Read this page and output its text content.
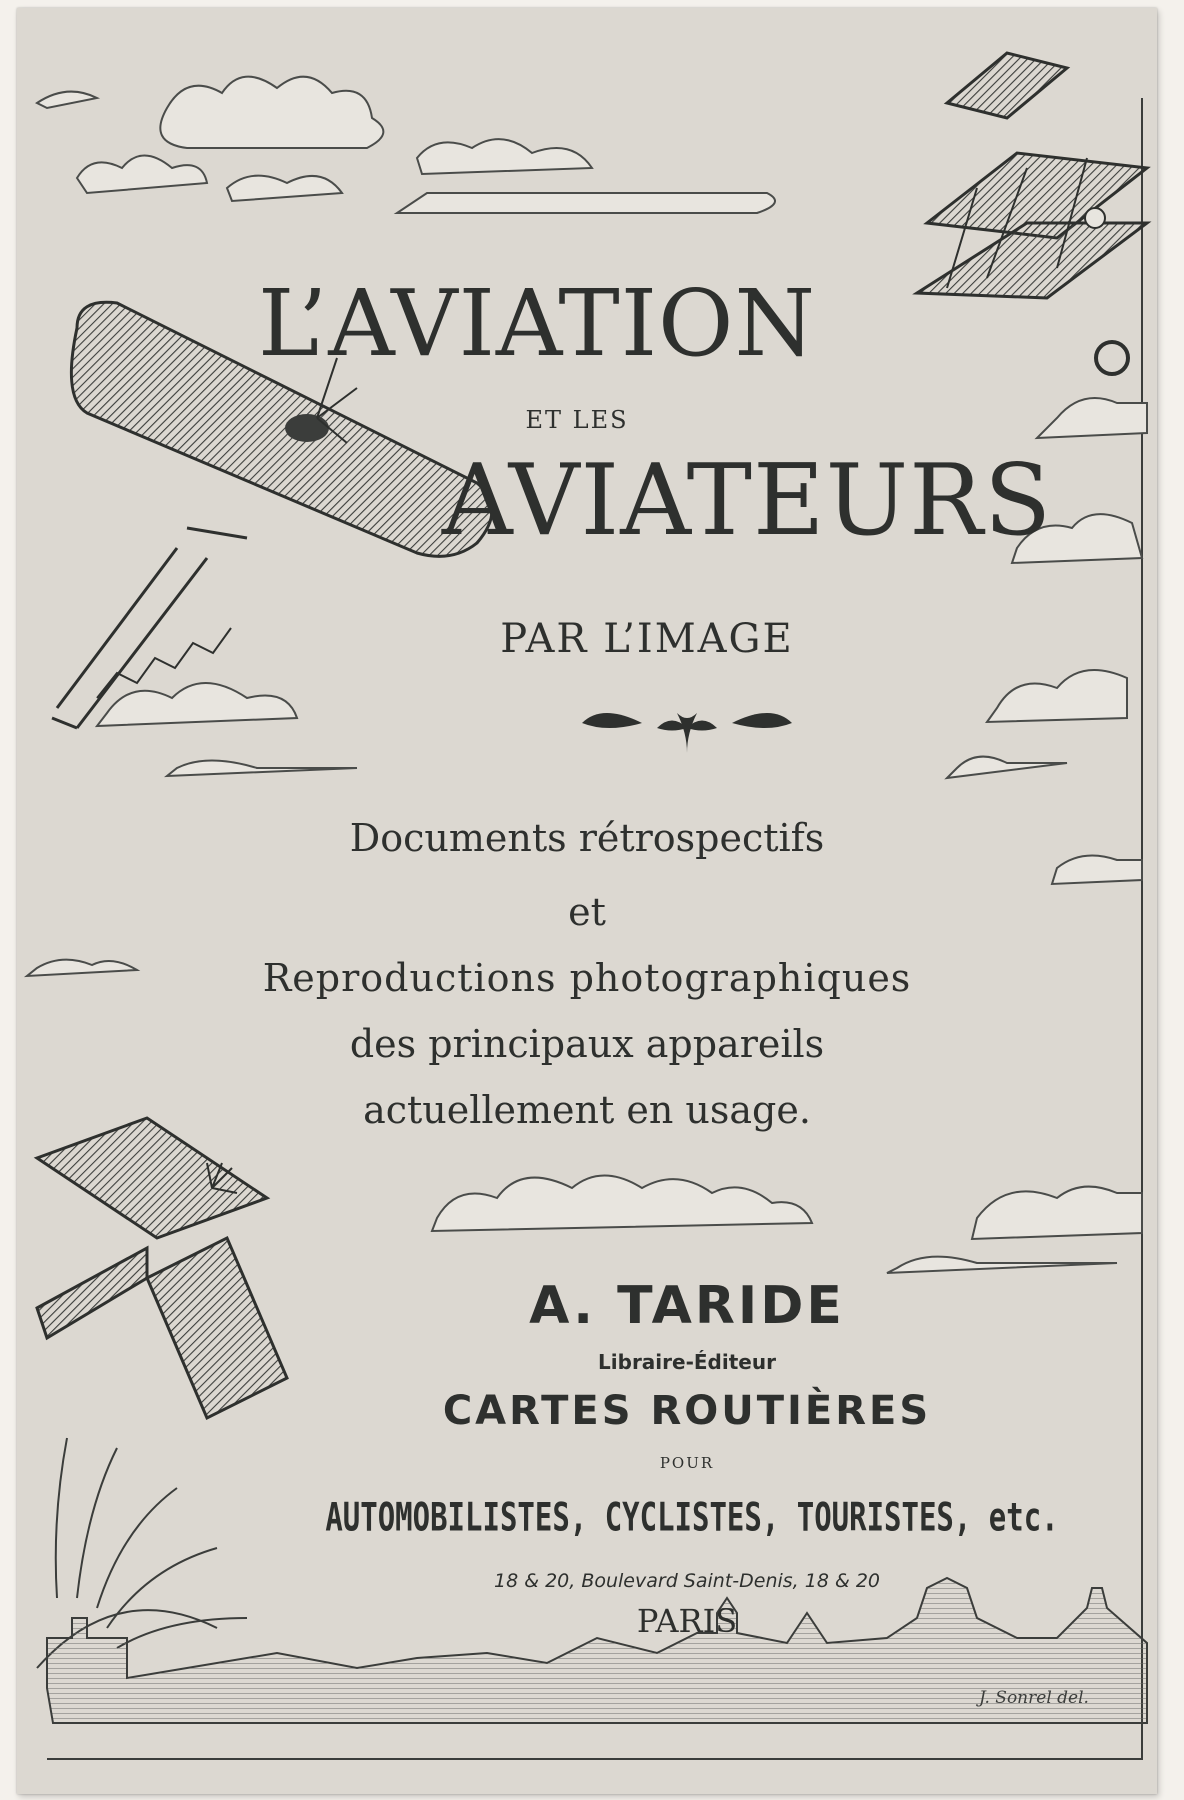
L’AVIATION
ET LES
AVIATEURS
PAR L’IMAGE
Documents rétrospectifs
et
Reproductions photographiques
des principaux appareils
actuellement en usage.
A. TARIDE
Libraire-Éditeur
CARTES ROUTIÈRES
POUR
AUTOMOBILISTES, CYCLISTES, TOURISTES, etc.
18 & 20, Boulevard Saint-Denis, 18 & 20
PARIS
J. Sonrel del.
